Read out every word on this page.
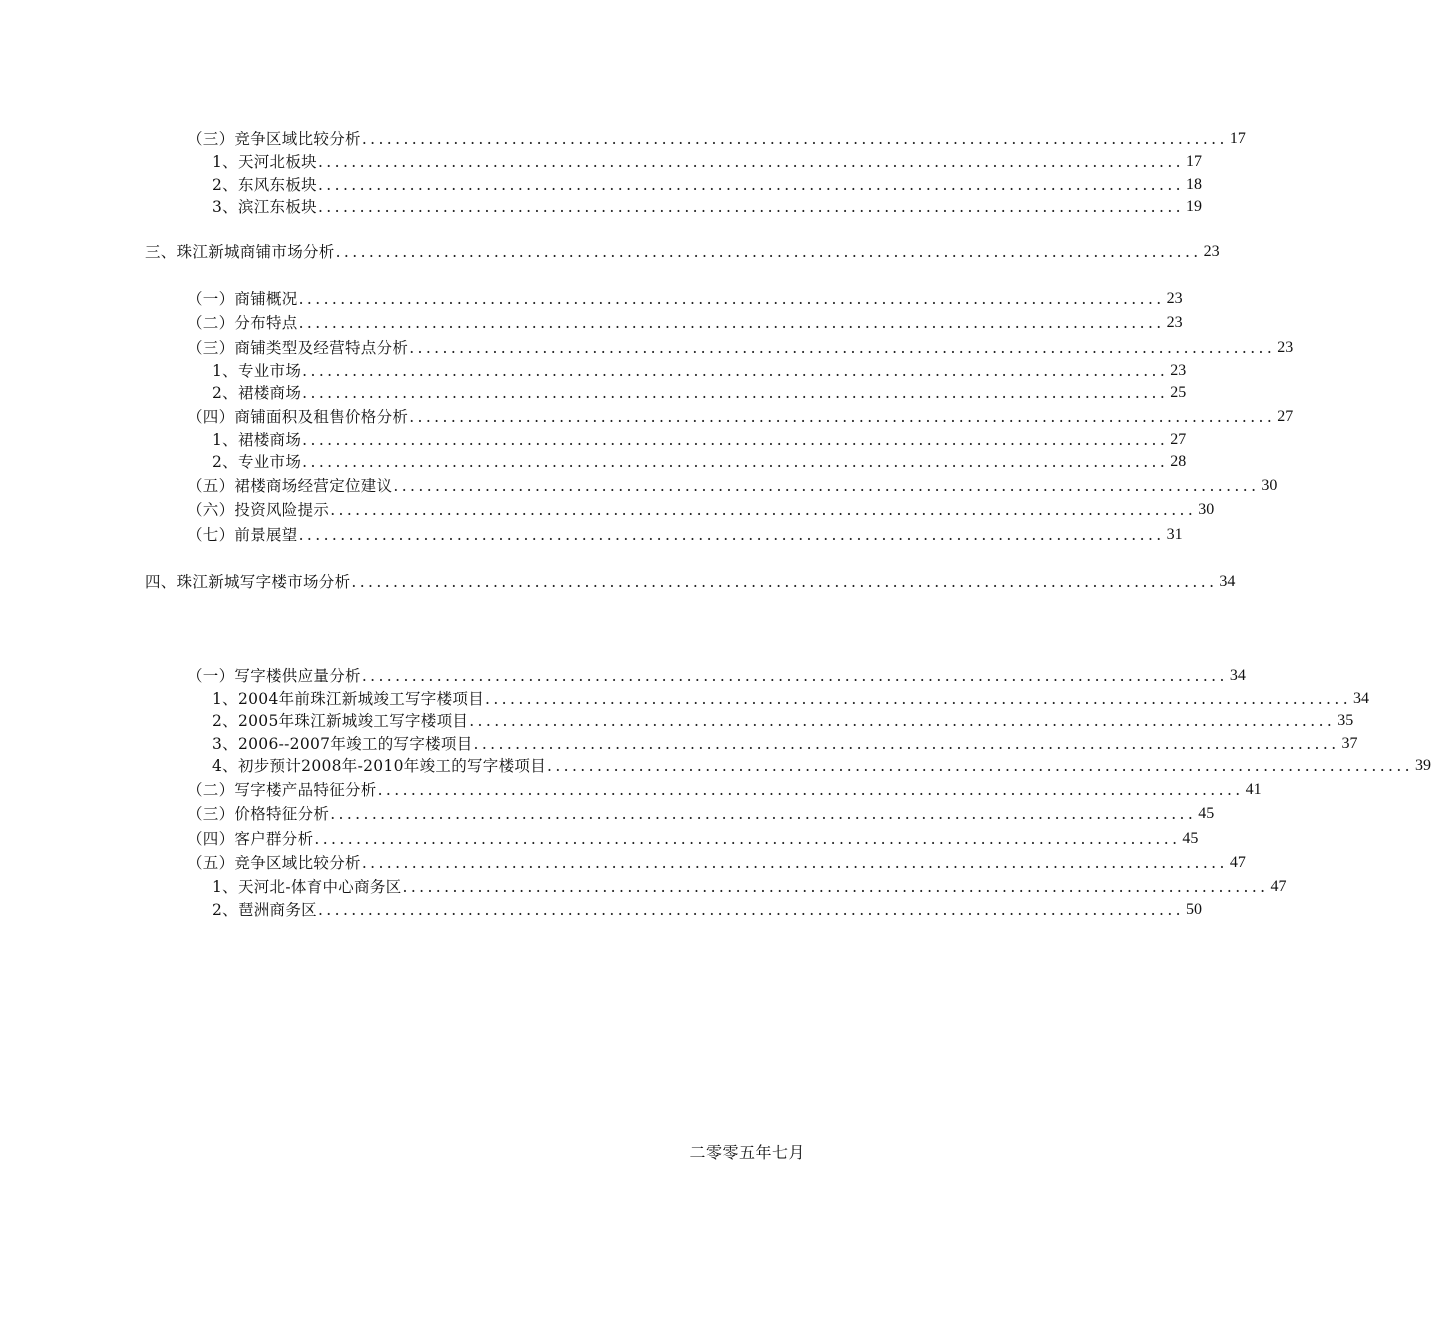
（三）竞争区域比较分析 ........................................................................................................ 17
1、天河北板块 ........................................................................................................ 17
2、东风东板块 ........................................................................................................ 18
3、滨江东板块 ........................................................................................................ 19
三、珠江新城商铺市场分析 ........................................................................................................ 23
（一）商铺概况 ........................................................................................................ 23
（二）分布特点 ........................................................................................................ 23
（三）商铺类型及经营特点分析 ........................................................................................................ 23
1、专业市场 ........................................................................................................ 23
2、裙楼商场 ........................................................................................................ 25
（四）商铺面积及租售价格分析 ........................................................................................................ 27
1、裙楼商场 ........................................................................................................ 27
2、专业市场 ........................................................................................................ 28
（五）裙楼商场经营定位建议 ........................................................................................................ 30
（六）投资风险提示 ........................................................................................................ 30
（七）前景展望 ........................................................................................................ 31
四、珠江新城写字楼市场分析 ........................................................................................................ 34
（一）写字楼供应量分析 ........................................................................................................ 34
1、2004年前珠江新城竣工写字楼项目 ........................................................................................................ 34
2、2005年珠江新城竣工写字楼项目 ........................................................................................................ 35
3、2006--2007年竣工的写字楼项目 ........................................................................................................ 37
4、初步预计2008年-2010年竣工的写字楼项目 ........................................................................................................ 39
（二）写字楼产品特征分析 ........................................................................................................ 41
（三）价格特征分析 ........................................................................................................ 45
（四）客户群分析 ........................................................................................................ 45
（五）竞争区域比较分析 ........................................................................................................ 47
1、天河北-体育中心商务区 ........................................................................................................ 47
2、琶洲商务区 ........................................................................................................ 50
二零零五年七月
